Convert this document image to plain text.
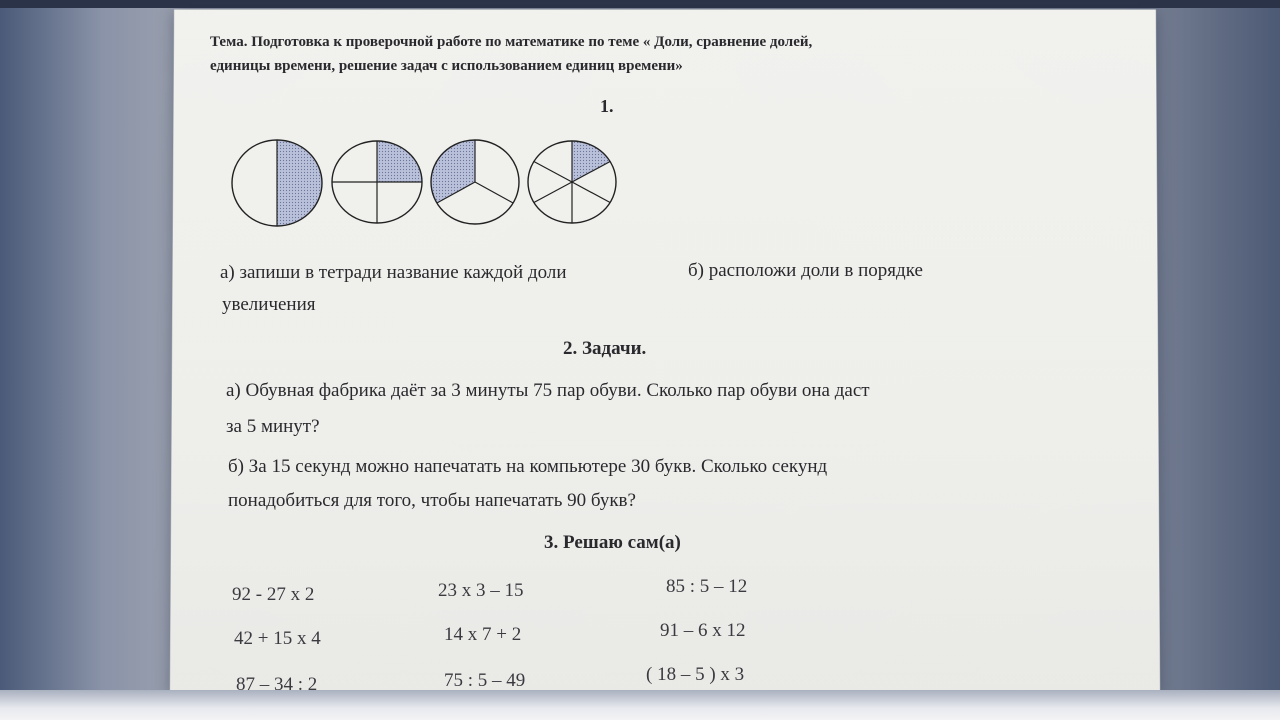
Тема. Подготовка к проверочной работе по математике по теме « Доли, сравнение долей,
единицы времени, решение задач с использованием единиц времени»
1.
а) запиши в тетради название каждой доли	б) расположи доли в порядке
увеличения
2. Задачи.
а) Обувная фабрика даёт за 3 минуты 75 пар обуви. Сколько пар обуви она даст
за 5 минут?
б) За 15 секунд можно напечатать на компьютере 30 букв. Сколько секунд
понадобиться для того, чтобы напечатать 90 букв?
3. Решаю сам(а)
92 - 27 х 2	23 х 3 – 15	85 : 5 – 12
42 + 15 х 4	14 х 7 + 2	91 – 6 х 12
87 – 34 : 2	75 : 5 – 49	( 18 – 5 ) х 3
